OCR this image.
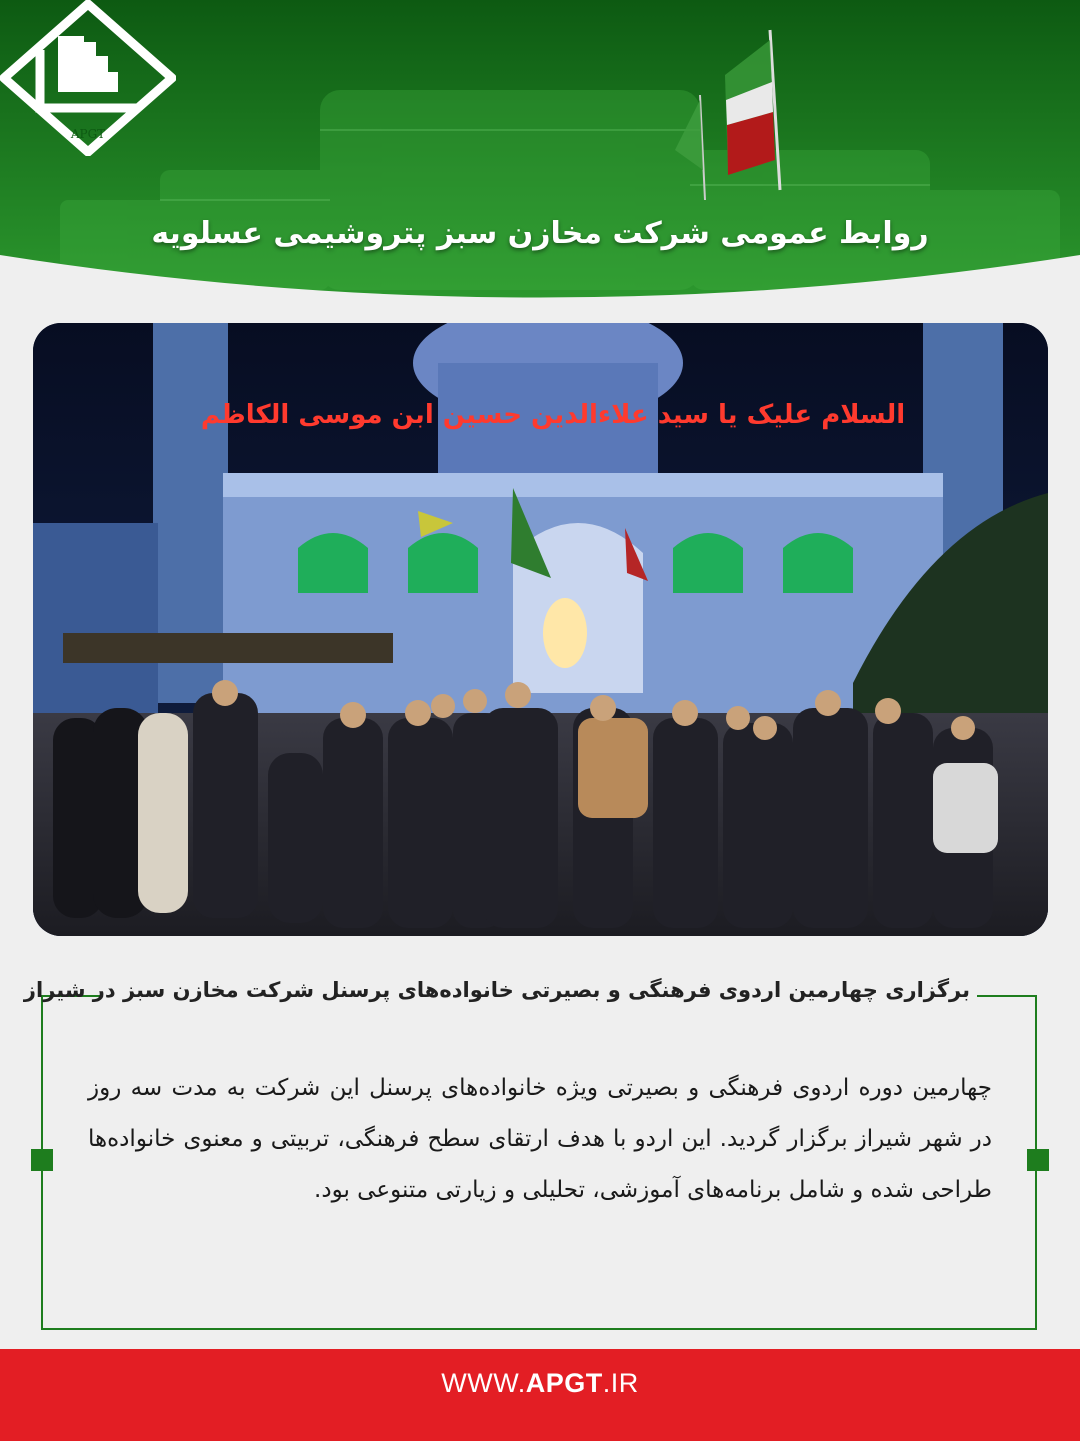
APGT
روابط عمومی شرکت مخازن سبز پتروشیمی عسلویه
السلام علیک یا سید علاءالدین حسین ابن موسی الکاظم
برگزاری چهارمین اردوی فرهنگی و بصیرتی خانواده‌های پرسنل شرکت مخازن سبز در شیراز
چهارمین دوره اردوی فرهنگی و بصیرتی ویژه خانواده‌های پرسنل این شرکت به مدت سه روز در شهر شیراز برگزار گردید. این اردو با هدف ارتقای سطح فرهنگی، تربیتی و معنوی خانواده‌ها طراحی شده و شامل برنامه‌های آموزشی، تحلیلی و زیارتی متنوعی بود.
WWW.APGT.IR
